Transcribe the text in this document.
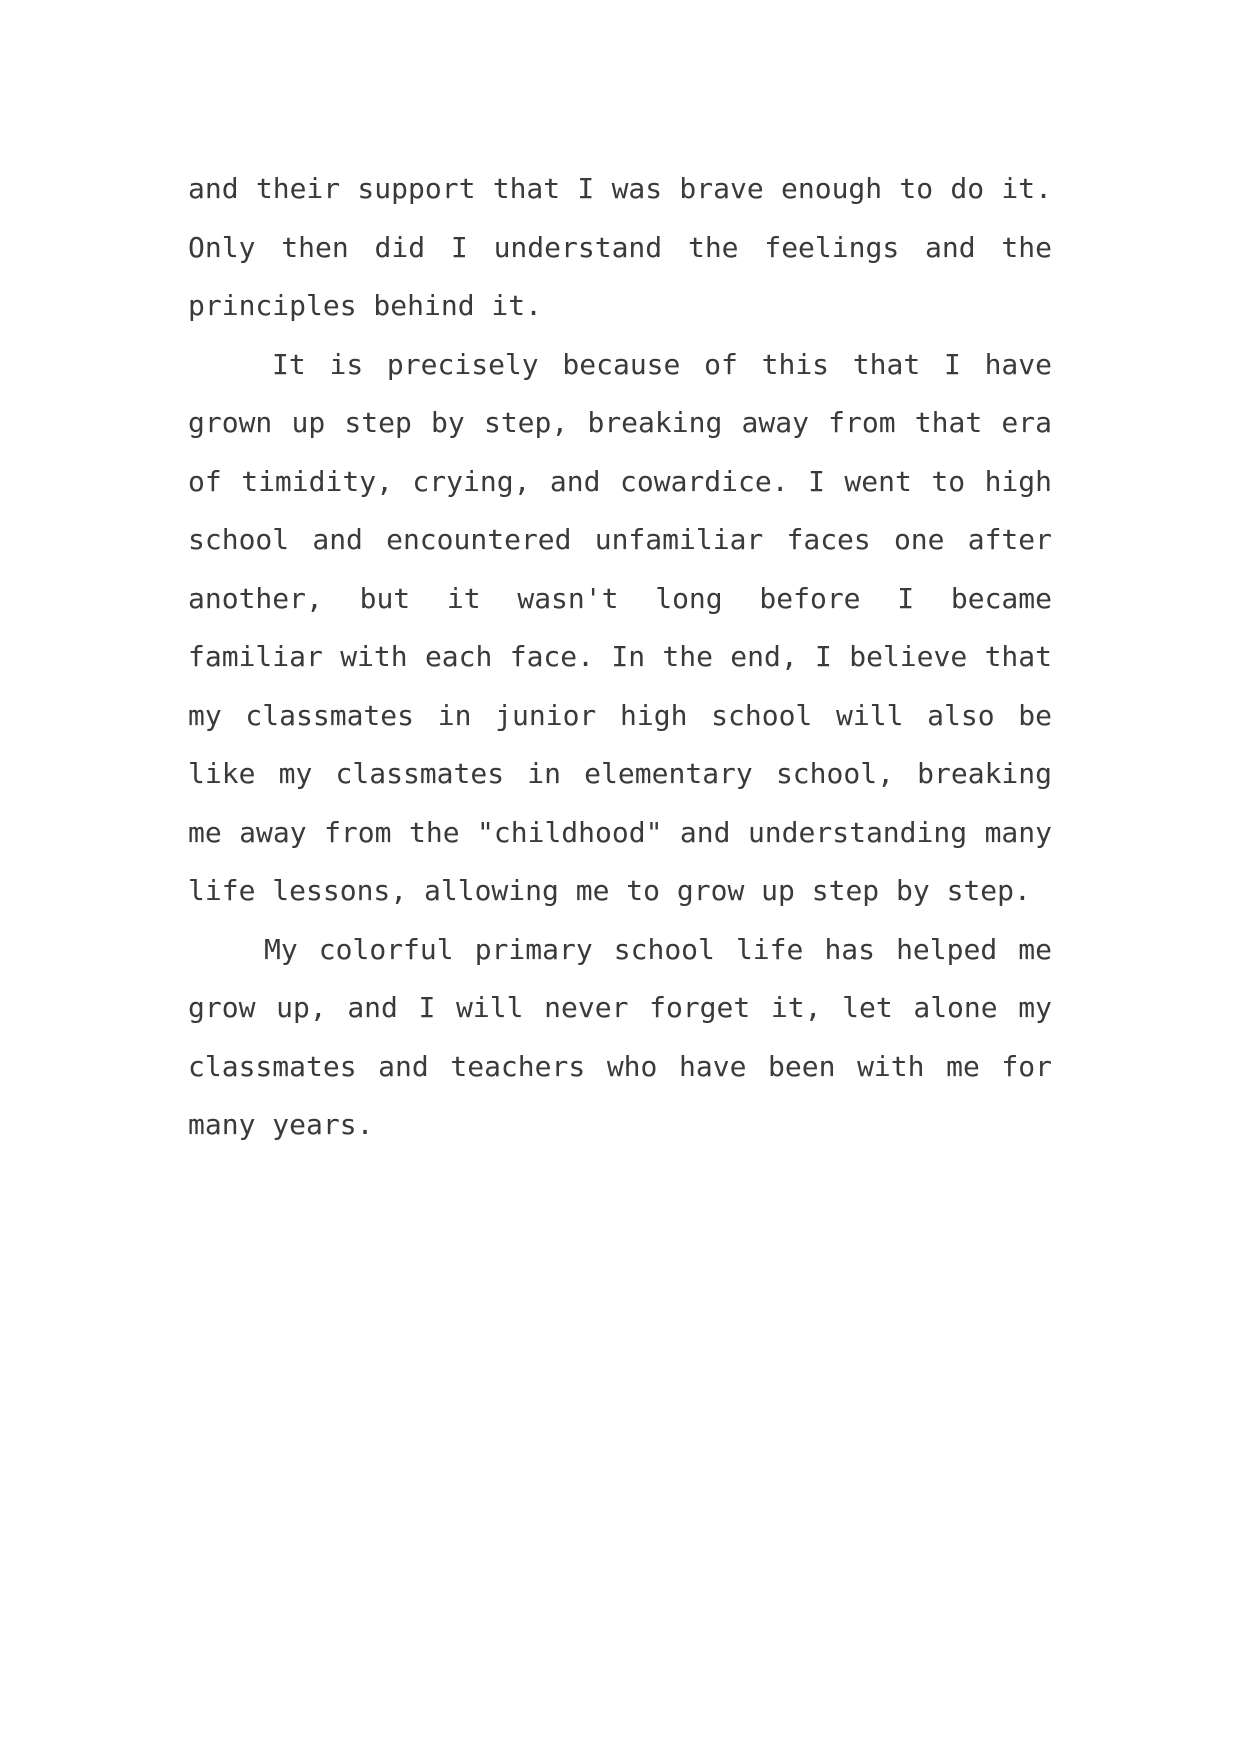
and their support that I was brave enough to do it.
Only then did I understand the feelings and the
principles behind it.
It is precisely because of this that I have
grown up step by step, breaking away from that era
of timidity, crying, and cowardice. I went to high
school and encountered unfamiliar faces one after
another, but it wasn't long before I became
familiar with each face. In the end, I believe that
my classmates in junior high school will also be
like my classmates in elementary school, breaking
me away from the "childhood" and understanding many
life lessons, allowing me to grow up step by step.
My colorful primary school life has helped me
grow up, and I will never forget it, let alone my
classmates and teachers who have been with me for
many years.
